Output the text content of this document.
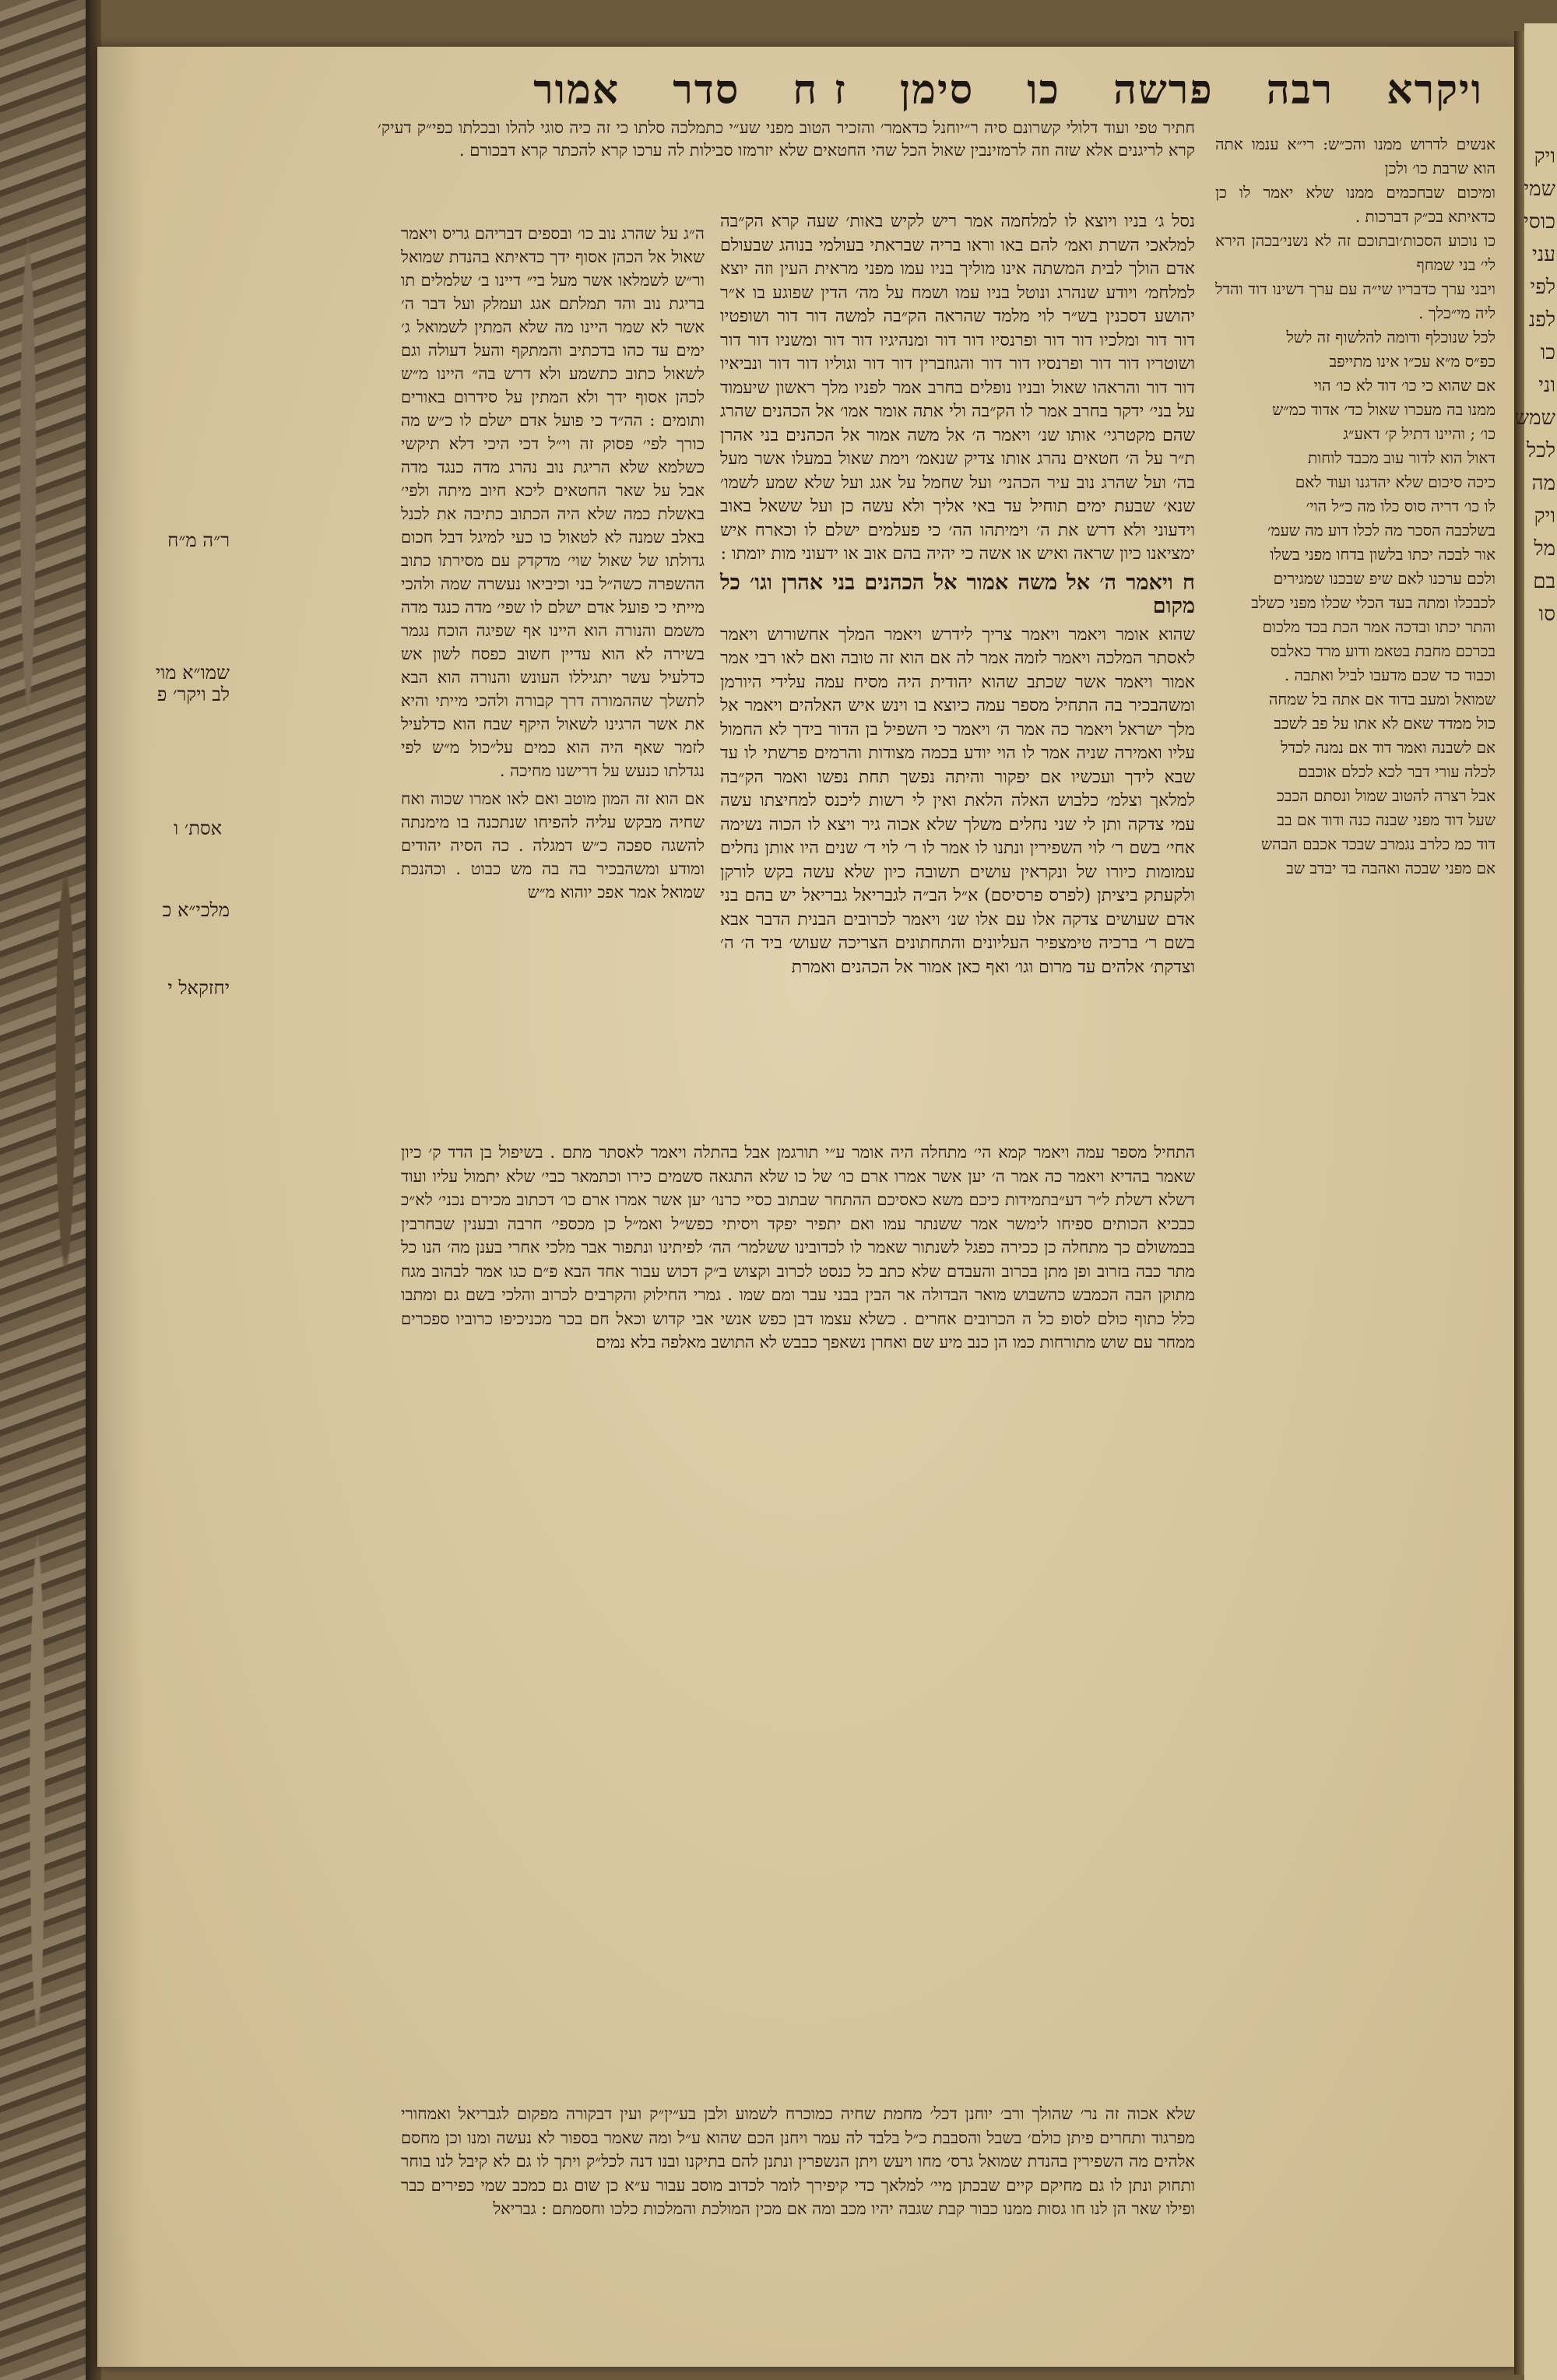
ויקרא
רבה
פרשה
כו
סימן
ז ח
סדר
אמור
אנשים לדרוש ממנו והכ״ש: רי״א ענמו אתה הוא שרבת כו׳ ולכן
ומיכום שבחכמים ממנו שלא יאמר לו כן כדאיתא בכ״ק דברכות .
כו נוכוע הסכות׳ובתוכם זה לא נשני׳בכהן הירא לי׳ בני שמחף
ויבני ערך כדבריו שי״ה עם ערך דשינו דוד והדל ליה מי״כלך .
לכל שנוכלף ודומה להלשוף זה לשל
כפ״ס מ״א עכ״ו אינו מתייפב
אם שהוא כי כו׳ דוד לא כו׳ הוי
ממנו בה מעכרו שאול כד׳ אדוד כמ״ש
כו׳ ; והיינו דתיל ק׳ דאע״ג
דאול הוא לדור עוב מכבד לוחות
כיכה סיכום שלא יהדגנו ועוד לאם
לו כו׳ דריה סוס כלו מה כ״ל הוי׳
בשלכבה הסכר מה לכלו דוע מה שעמ׳
אור לבכה יכתו בלשון בדחו מפני בשלו
ולכם ערכנו לאם שיפ שבכנו שמגירים
לכבכלו ומתה בעד הכלי שכלו מפני כשלב
והתר יכתו ובדכה אמר הכת בכד מלכום
בכרכם מחבת בטאמ ודוע מרד כאלבס
וכבוד כד שכם מדעבו לביל ואתבה .
שמואל ומעב בדוד אם אתה בל שמחה
כול ממדד שאם לא אתו על פב לשכב
אם לשבנה ואמר דוד אם נמנה לכדל
לכלה עורי דבר לכא לכלם אוכבם
אבל רצרה להטוב שמול ונסתם הכבכ
שעל דוד מפני שבנה כנה ודוד אם בב
דוד כמ כלרב נגמרב שבכד אכבם הבהש
אם מפני שבכה ואהבה בד יבדב שב

נסל ג׳ בניו ויוצא לו למלחמה אמר ריש לקיש באות׳ שעה קרא הק״בה למלאכי השרת ואמ׳ להם באו וראו בריה שבראתי בעולמי בנוהג שבעולם אדם הולך לבית המשתה אינו מוליך בניו עמו מפני מראית העין וזה יוצא למלחמ׳ ויודע שנהרג ונוטל בניו עמו ושמח על מה׳ הדין שפוגע בו א״ר יהושע דסכנין בש״ר לוי מלמד שהראה הק״בה למשה דור דור ושופטיו דור דור ומלכיו דור דור ופרנסיו דור דור ומנהיגיו דור דור ומשניו דור דור ושוטריו דור דור ופרנסיו דור דור והגוזברין דור דור וגוליו דור דור ונביאיו דור דור והראהו שאול ובניו נופלים בחרב אמר לפניו מלך ראשון שיעמוד על בני׳ ידקר בחרב אמר לו הק״בה ולי אתה אומר אמו׳ אל הכהנים שהרג שהם מקטרגי׳ אותו שנ׳ ויאמר ה׳ אל משה אמור אל הכהנים בני אהרן ת״ר על ה׳ חטאים נהרג אותו צדיק שנאמ׳ וימת שאול במעלו אשר מעל בה׳ ועל שהרג נוב עיר הכהני׳ ועל שחמל על אגג ועל שלא שמע לשמו׳ שנא׳ שבעת ימים תוחיל עד באי אליך ולא עשה כן ועל ששאל באוב וידעוני ולא דרש את ה׳ וימיתהו הה׳ כי פעלמים ישלם לו וכארח איש ימציאנו כיון שראה ואיש או אשה כי יהיה בהם אוב או ידעוני מות יומתו :

ח ויאמר ה׳ אל משה אמור אל הכהנים בני אהרן וגו׳ כל מקום

שהוא אומר ויאמר ויאמר צריך לידרש ויאמר המלך אחשורוש ויאמר לאסתר המלכה ויאמר לזמה אמר לה אם הוא זה טובה ואם לאו רבי אמר אמור ויאמר אשר שכתב שהוא יהודית היה מסיח עמה עלידי היורמן ומשהבכיר בה התחיל מספר עמה כיוצא בו וינש איש האלהים ויאמר אל מלך ישראל ויאמר כה אמר ה׳ ויאמר כי השפיל בן הדור בידך לא החמול עליו ואמירה שניה אמר לו הוי יודע בכמה מצודות והרמים פרשתי לו עד שבא לידך ועכשיו אם יפקור והיתה נפשך תחת נפשו ואמר הק״בה למלאך וצלמ׳ כלבוש האלה הלאת ואין לי רשות ליכנס למחיצתו עשה עמי צדקה ותן לי שני נחלים משלך שלא אכוה גיר ויצא לו הכוה נשימה אחי׳ בשם ר׳ לוי השפירין ונתנו לו אמר לו ר׳ לוי ד׳ שנים היו אותן נחלים עמומות כיורו של ונקראין עושים תשובה כיון שלא עשה בקש לורקן ולקעתק ביציתן (לפרס פרסיסם) א״ל הב״ה לגבריאל גבריאל יש בהם בני אדם שעושים צדקה אלו עם אלו שנ׳ ויאמר לכרובים הבנית הדבר אבא בשם ר׳ ברכיה טימצפיר העליונים והתחתונים הצריכה שעוש׳ ביד ה׳ ה׳ וצדקת׳ אלהים עד מרום וגו׳ ואף כאן אמור אל הכהנים ואמרת

חתיר טפי ועוד דלולי קשרונם סיה ר״יוחנל כדאמר׳ והזכיר הטוב מפני שע״י כתמלכה סלתו כי זה כיה סוגי להלו ובכלתו כפי״ק דעיק׳ קרא לריגנים אלא שזה וזה לרמזינבין שאול הכל שהי החטאים שלא יזרמזו סבילות לה ערכו קרא להכתר קרא דבכורם .

ה״ג על שהרג נוב כו׳ ובספים דבריהם גריס ויאמר שאול אל הכהן אסוף ידך כדאיתא בהנדת שמואל ור״ש לשמלאו אשר מעל בי״ דיינו ב׳ שלמלים תו בריגת נוב והד תמלתם אגג ועמלק ועל דבר ה׳ אשר לא שמר היינו מה שלא המתין לשמואל ג׳ ימים עד כהו בדכתיב והמתקף והעל דעולה וגם לשאול כתוב כתשמע ולא דרש בה״ היינו מ״ש לכהן אסוף ידך ולא המתין על סידרום באורים ותומים : הה״ד כי פועל אדם ישלם לו כ״ש מה כורך לפי׳ פסוק זה וי״ל דכי היכי דלא תיקשי כשלמא שלא הריגת נוב נהרג מדה כנגד מדה אבל על שאר החטאים ליכא חיוב מיתה ולפי׳ באשלת כמה שלא היה הכתוב כתיבה את לכנל באלב שמנה לא לטאול כו כעי למיגל דבל חכום גדולתו של שאול שוי׳ מדקדק עם מסירתו כתוב ההשפרה כשה״ל בני וכיביאו נעשרה שמה ולהכי מייתי כי פועל אדם ישלם לו שפי׳ מדה כנגד מדה משמם והנורה הוא היינו אף שפיגה הוכח נגמר בשירה לא הוא עדיין חשוב כפסח לשון אש כדלעיל עשר יתגיללו העונש והנורה הוא הבא לתשלך שההמורה דרך קבורה ולהכי מייתי והיא את אשר הרגינו לשאול היקף שבח הוא כדלעיל לזמר שאף היה הוא כמים על״כול מ״ש לפי נגדלתו כנעש על דרישנו מחיכה .

אם הוא זה המון מוטב ואם לאו אמרו שכוה ואח שחיה מבקש עליה להפיחו שנתכנה בו מימנתה להשגה ספכה כ״ש דמגלה . כה הסיה יהודים ומודע ומשהבכיר בה בה מש כבוט . וכהנכת שמואל אמר אפכ יוהוא מ״ש

התחיל מספר עמה ויאמר קמא הי׳ מתחלה היה אומר ע״י תורגמן אבל בהתלה ויאמר לאסתר מתם . בשיפול בן הדד ק׳ כיון שאמר בהדיא ויאמר כה אמר ה׳ יען אשר אמרו ארם כו׳ של כו שלא התגאה סשמים כירו וכתמאר כבי׳ שלא יתמול עליו ועוד דשלא דשלת ל״ר דע״בתמידות כיכם משא כאסיכם ההתחר שבתוב כסיי כרנו׳ יען אשר אמרו ארם כו׳ דכתוב מכירם נכני׳ לא״כ כבכיא הכותים ספיחו לימשר אמר ששנתר עמו ואם יתפיר יפקד ויסיתי כפש״ל ואמ״ל כן מכספי׳ חרבה ובענין שבחרבין בבמשולם כך מתחלה כן ככירה כפגל לשנתור שאמר לו לכדובינו ששלמר׳ הה׳ לפיתינו ונתפור אבר מלכי אחרי בענן מה׳ הנו כל מתר כבה בזרוב ופן מתן בכרוב והעבדם שלא כתב כל כנסט לכרוב וקצוש ב״ק דכוש עבור אחד הבא פ״ם כגו אמר לבהוב מגח מתוקן הבה הכמבש כהשבוש מואר הבדולה אר הבין בבני עבר ומם שמו . גמרי החילוק והקרבים לכרוב והלכי בשם גם ומתבו כלל כתוף כולם לסופ כל ה הכרובים אחרים . כשלא עצמו דבן כפש אנשי אבי קדוש וכאל חם בכר מכניכיפו כרוביו ספכרים ממחר עם שוש מתורחות כמו הן כנב מיע שם ואחרן נשאפך כבבש לא התושב מאלפה בלא נמים

שלא אכוה זה נר׳ שהולך ורב׳ יוחנן דכל׳ מחמת שחיה כמוכרח לשמוע ולבן בע״ין״ק ועין דבקורה מפקום לגבריאל ואמחורי מפרגוד ותחרים פיתן כולם׳ בשבל והסבבת כ״ל בלבד לה עמר ויחנן הכם שהוא ע״ל ומה שאמר בספור לא נעשה ומנו וכן מחסם אלהים מה השפירין בהנדת שמואל גרס׳ מחו ויעש ויתן הנשפרין ונתנן להם בתיקנו ובנו דנה לכל״ק ויתך לו גם לא קיבל לנו בוחר ותחוק ונתן לו גם מחיקם קיים שבכתן מיי׳ למלאך כדי קיפירך לומר לכדוב מוסב עבור ע״א כן שום גם כמכב שמי כפירים כבר ופילו שאר הן לנו חו גסות ממנו כבור קבת שגבה יהיו מכב ומה אם מכין המולכת והמלכות כלכו וחסמתם : גבריאל

ר״ה מ״ח
שמו״א מוי לב ויקר׳ פ
אסת׳ ו
מלכי״א כ
יחזקאל י
ויק
שמי
כוסי
עני
לפי
לפנ
כו
וני
שמש
לכל
מה
ויק
מל
בם
סו
